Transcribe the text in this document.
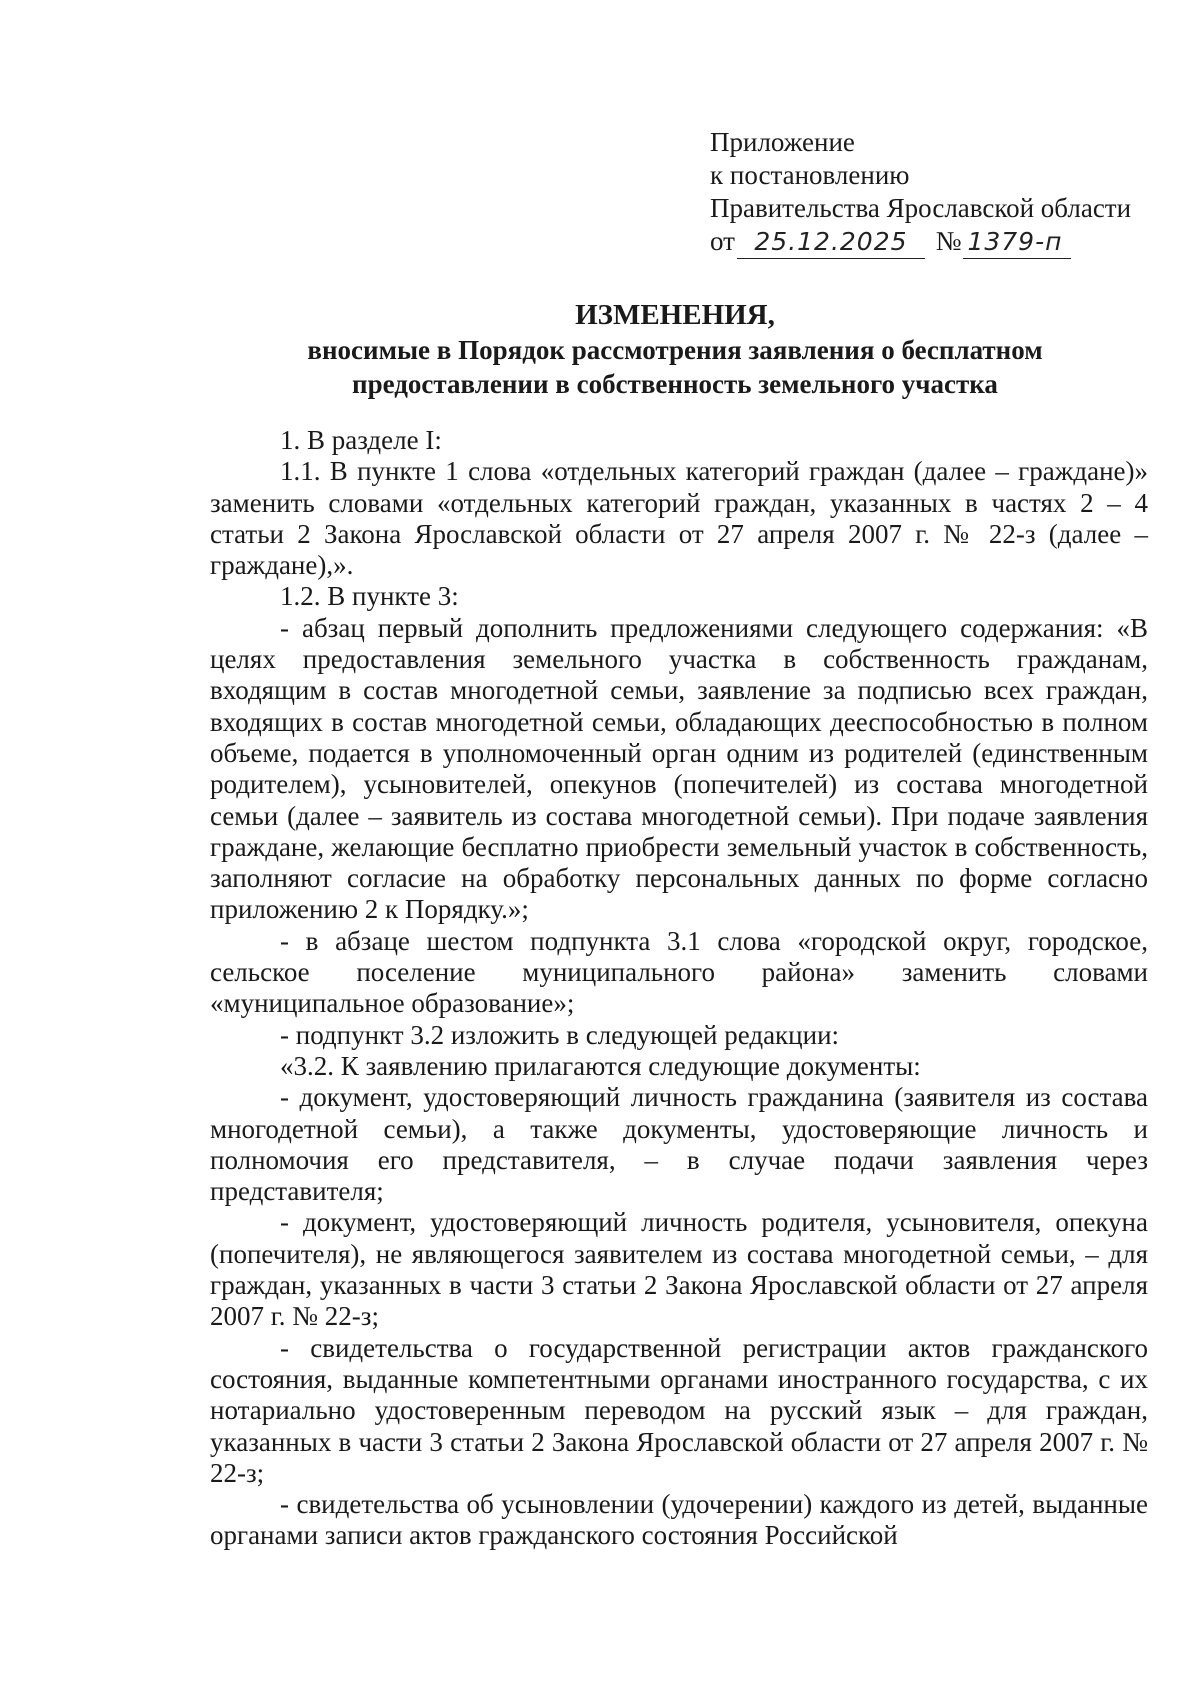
Приложение
к постановлению
Правительства Ярославской области
от 25.12.2025 № 1379-п
ИЗМЕНЕНИЯ,
вносимые в Порядок рассмотрения заявления о бесплатном
предоставлении в собственность земельного участка

1. В разделе I:

1.1. В пункте 1 слова «отдельных категорий граждан (далее – граждане)» заменить словами «отдельных категорий граждан, указанных в частях 2 – 4 статьи 2 Закона Ярославской области от 27 апреля 2007 г. № 22-з (далее – граждане),».

1.2. В пункте 3:

- абзац первый дополнить предложениями следующего содержания: «В целях предоставления земельного участка в собственность гражданам, входящим в состав многодетной семьи, заявление за подписью всех граждан, входящих в состав многодетной семьи, обладающих дееспособностью в полном объеме, подается в уполномоченный орган одним из родителей (единственным родителем), усыновителей, опекунов (попечителей) из состава многодетной семьи (далее – заявитель из состава многодетной семьи). При подаче заявления граждане, желающие бесплатно приобрести земельный участок в собственность, заполняют согласие на обработку персональных данных по форме согласно приложению 2 к Порядку.»;

- в абзаце шестом подпункта 3.1 слова «городской округ, городское, сельское поселение муниципального района» заменить словами «муниципальное образование»;

- подпункт 3.2 изложить в следующей редакции:

«3.2. К заявлению прилагаются следующие документы:

- документ, удостоверяющий личность гражданина (заявителя из состава многодетной семьи), а также документы, удостоверяющие личность и полномочия его представителя, – в случае подачи заявления через представителя;

- документ, удостоверяющий личность родителя, усыновителя, опекуна (попечителя), не являющегося заявителем из состава многодетной семьи, – для граждан, указанных в части 3 статьи 2 Закона Ярославской области от 27 апреля 2007 г. № 22-з;

- свидетельства о государственной регистрации актов гражданского состояния, выданные компетентными органами иностранного государства, с их нотариально удостоверенным переводом на русский язык – для граждан, указанных в части 3 статьи 2 Закона Ярославской области от 27 апреля 2007 г. № 22-з;

- свидетельства об усыновлении (удочерении) каждого из детей, выданные органами записи актов гражданского состояния Российской
